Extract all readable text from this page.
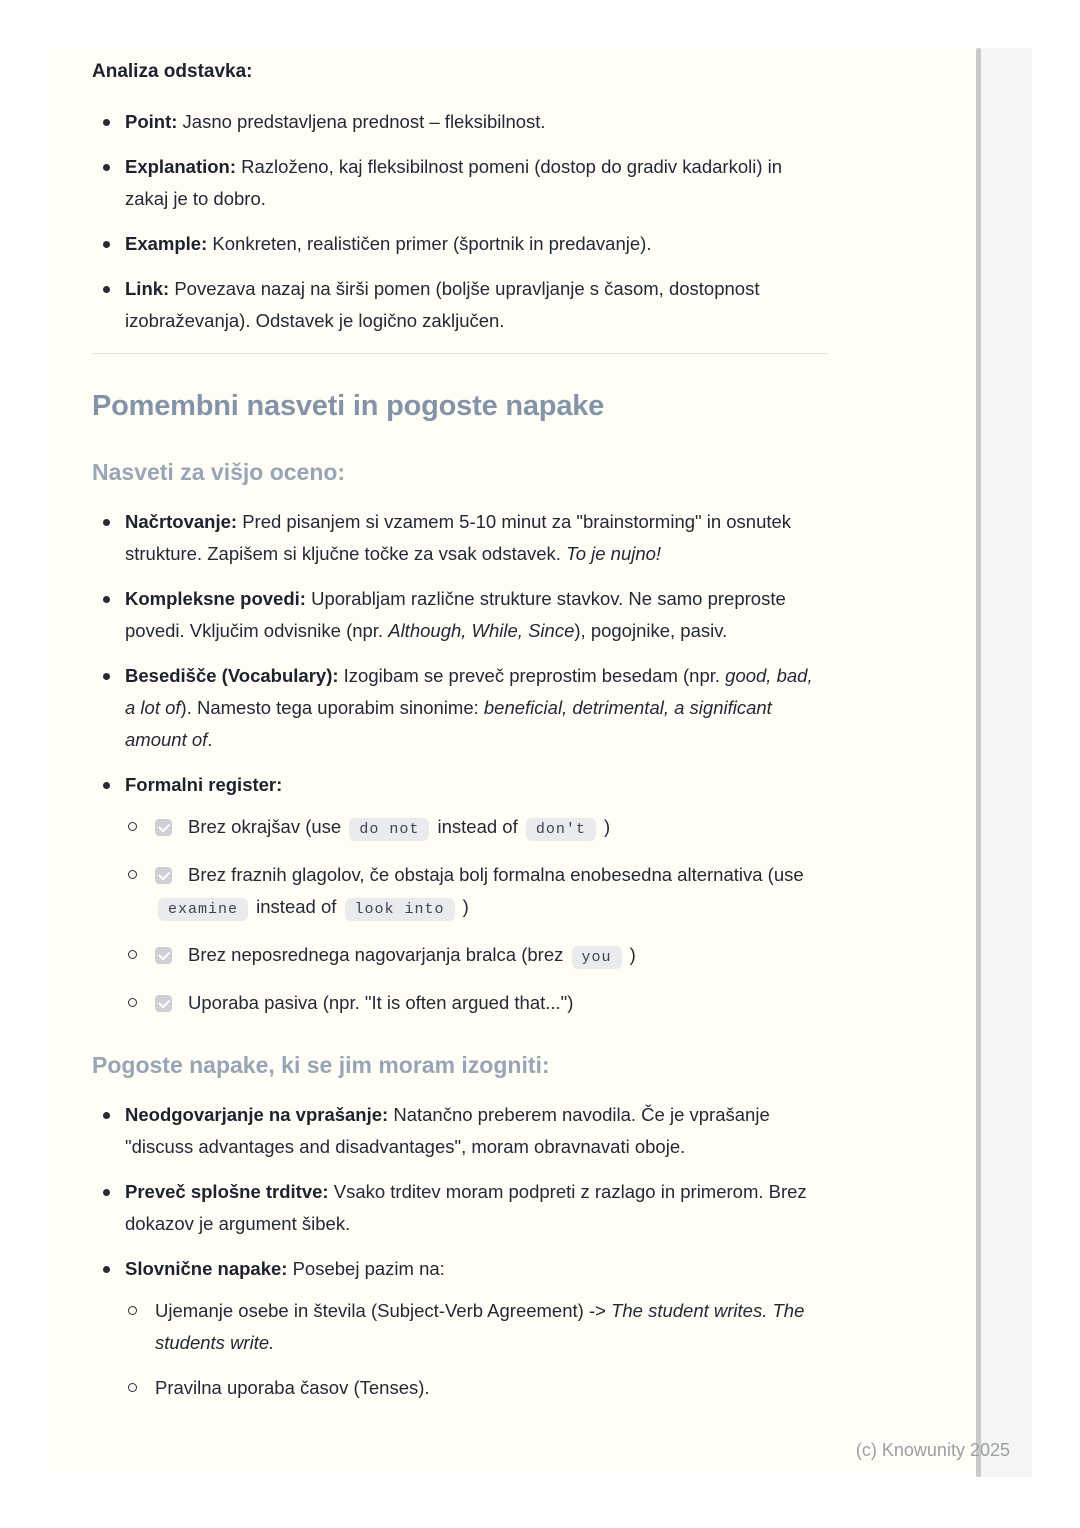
Analiza odstavka:

Point: Jasno predstavljena prednost – fleksibilnost.
Explanation: Razloženo, kaj fleksibilnost pomeni (dostop do gradiv kadarkoli) in zakaj je to dobro.
Example: Konkreten, realističen primer (športnik in predavanje).
Link: Povezava nazaj na širši pomen (boljše upravljanje s časom, dostopnost izobraževanja). Odstavek je logično zaključen.
Pomembni nasveti in pogoste napake
Nasveti za višjo oceno:
Načrtovanje: Pred pisanjem si vzamem 5-10 minut za "brainstorming" in osnutek strukture. Zapišem si ključne točke za vsak odstavek. To je nujno!
Kompleksne povedi: Uporabljam različne strukture stavkov. Ne samo preproste povedi. Vključim odvisnike (npr. Although, While, Since), pogojnike, pasiv.
Besedišče (Vocabulary): Izogibam se preveč preprostim besedam (npr. good, bad, a lot of). Namesto tega uporabim sinonime: beneficial, detrimental, a significant amount of.
Formalni register:
Brez okrajšav (use do not instead of don't )
Brez fraznih glagolov, če obstaja bolj formalna enobesedna alternativa (use examine instead of look into )
Brez neposrednega nagovarjanja bralca (brez you )
Uporaba pasiva (npr. "It is often argued that...")
Pogoste napake, ki se jim moram izogniti:
Neodgovarjanje na vprašanje: Natančno preberem navodila. Če je vprašanje "discuss advantages and disadvantages", moram obravnavati oboje.
Preveč splošne trditve: Vsako trditev moram podpreti z razlago in primerom. Brez dokazov je argument šibek.
Slovnične napake: Posebej pazim na:
Ujemanje osebe in števila (Subject-Verb Agreement) -> The student writes. The students write.
Pravilna uporaba časov (Tenses).
(c) Knowunity 2025
